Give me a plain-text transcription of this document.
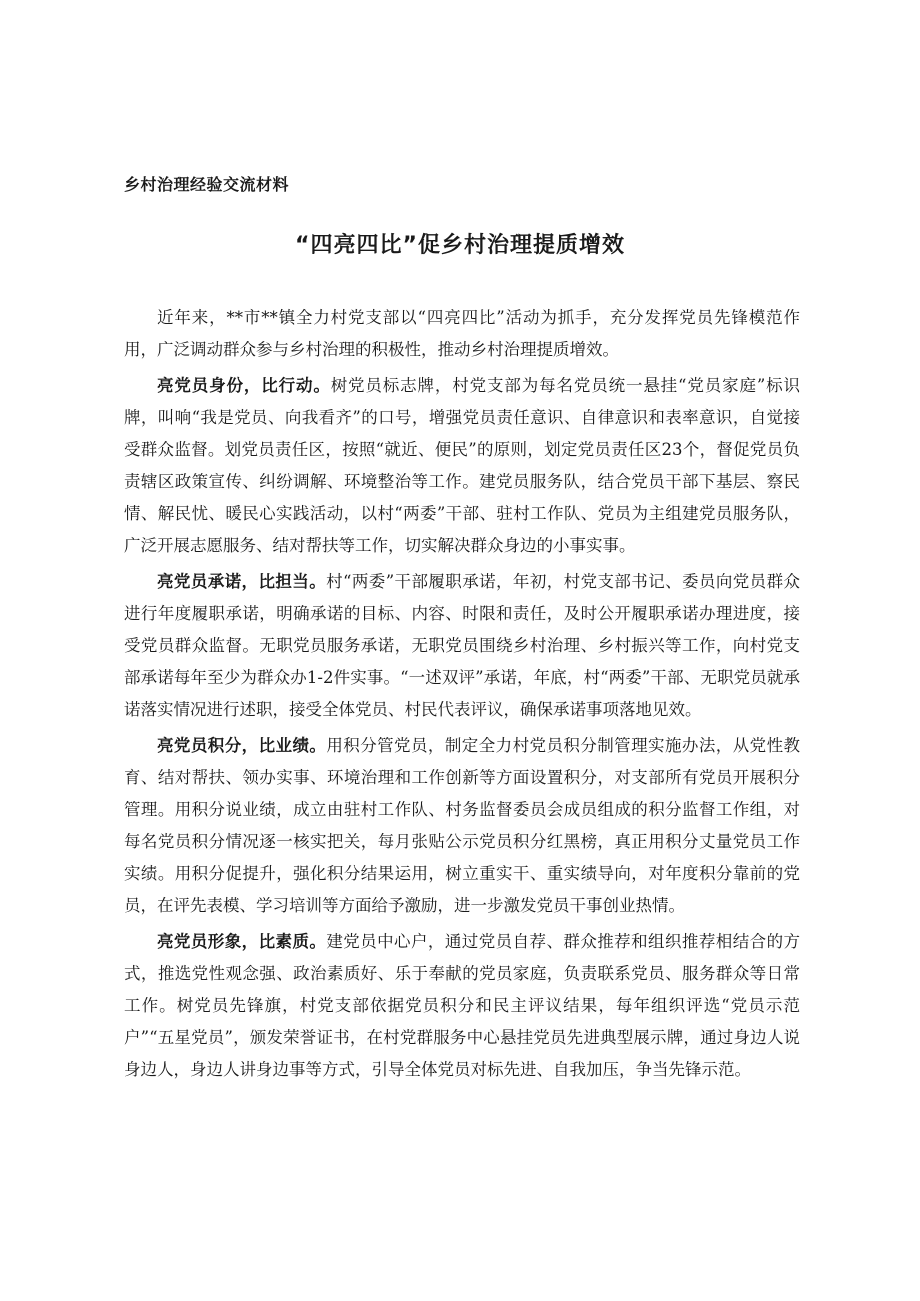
乡村治理经验交流材料
“四亮四比”促乡村治理提质增效

近年来，**市**镇全力村党支部以“四亮四比”活动为抓手，充分发挥党员先锋模范作用，广泛调动群众参与乡村治理的积极性，推动乡村治理提质增效。

亮党员身份，比行动。树党员标志牌，村党支部为每名党员统一悬挂“党员家庭”标识牌，叫响“我是党员、向我看齐”的口号，增强党员责任意识、自律意识和表率意识，自觉接受群众监督。划党员责任区，按照“就近、便民”的原则，划定党员责任区23个，督促党员负责辖区政策宣传、纠纷调解、环境整治等工作。建党员服务队，结合党员干部下基层、察民情、解民忧、暖民心实践活动，以村“两委”干部、驻村工作队、党员为主组建党员服务队，广泛开展志愿服务、结对帮扶等工作，切实解决群众身边的小事实事。

亮党员承诺，比担当。村“两委”干部履职承诺，年初，村党支部书记、委员向党员群众进行年度履职承诺，明确承诺的目标、内容、时限和责任，及时公开履职承诺办理进度，接受党员群众监督。无职党员服务承诺，无职党员围绕乡村治理、乡村振兴等工作，向村党支部承诺每年至少为群众办1-2件实事。“一述双评”承诺，年底，村“两委”干部、无职党员就承诺落实情况进行述职，接受全体党员、村民代表评议，确保承诺事项落地见效。

亮党员积分，比业绩。用积分管党员，制定全力村党员积分制管理实施办法，从党性教育、结对帮扶、领办实事、环境治理和工作创新等方面设置积分，对支部所有党员开展积分管理。用积分说业绩，成立由驻村工作队、村务监督委员会成员组成的积分监督工作组，对每名党员积分情况逐一核实把关，每月张贴公示党员积分红黑榜，真正用积分丈量党员工作实绩。用积分促提升，强化积分结果运用，树立重实干、重实绩导向，对年度积分靠前的党员，在评先表模、学习培训等方面给予激励，进一步激发党员干事创业热情。

亮党员形象，比素质。建党员中心户，通过党员自荐、群众推荐和组织推荐相结合的方式，推选党性观念强、政治素质好、乐于奉献的党员家庭，负责联系党员、服务群众等日常工作。树党员先锋旗，村党支部依据党员积分和民主评议结果，每年组织评选“党员示范户”“五星党员”，颁发荣誉证书，在村党群服务中心悬挂党员先进典型展示牌，通过身边人说身边人，身边人讲身边事等方式，引导全体党员对标先进、自我加压，争当先锋示范。
